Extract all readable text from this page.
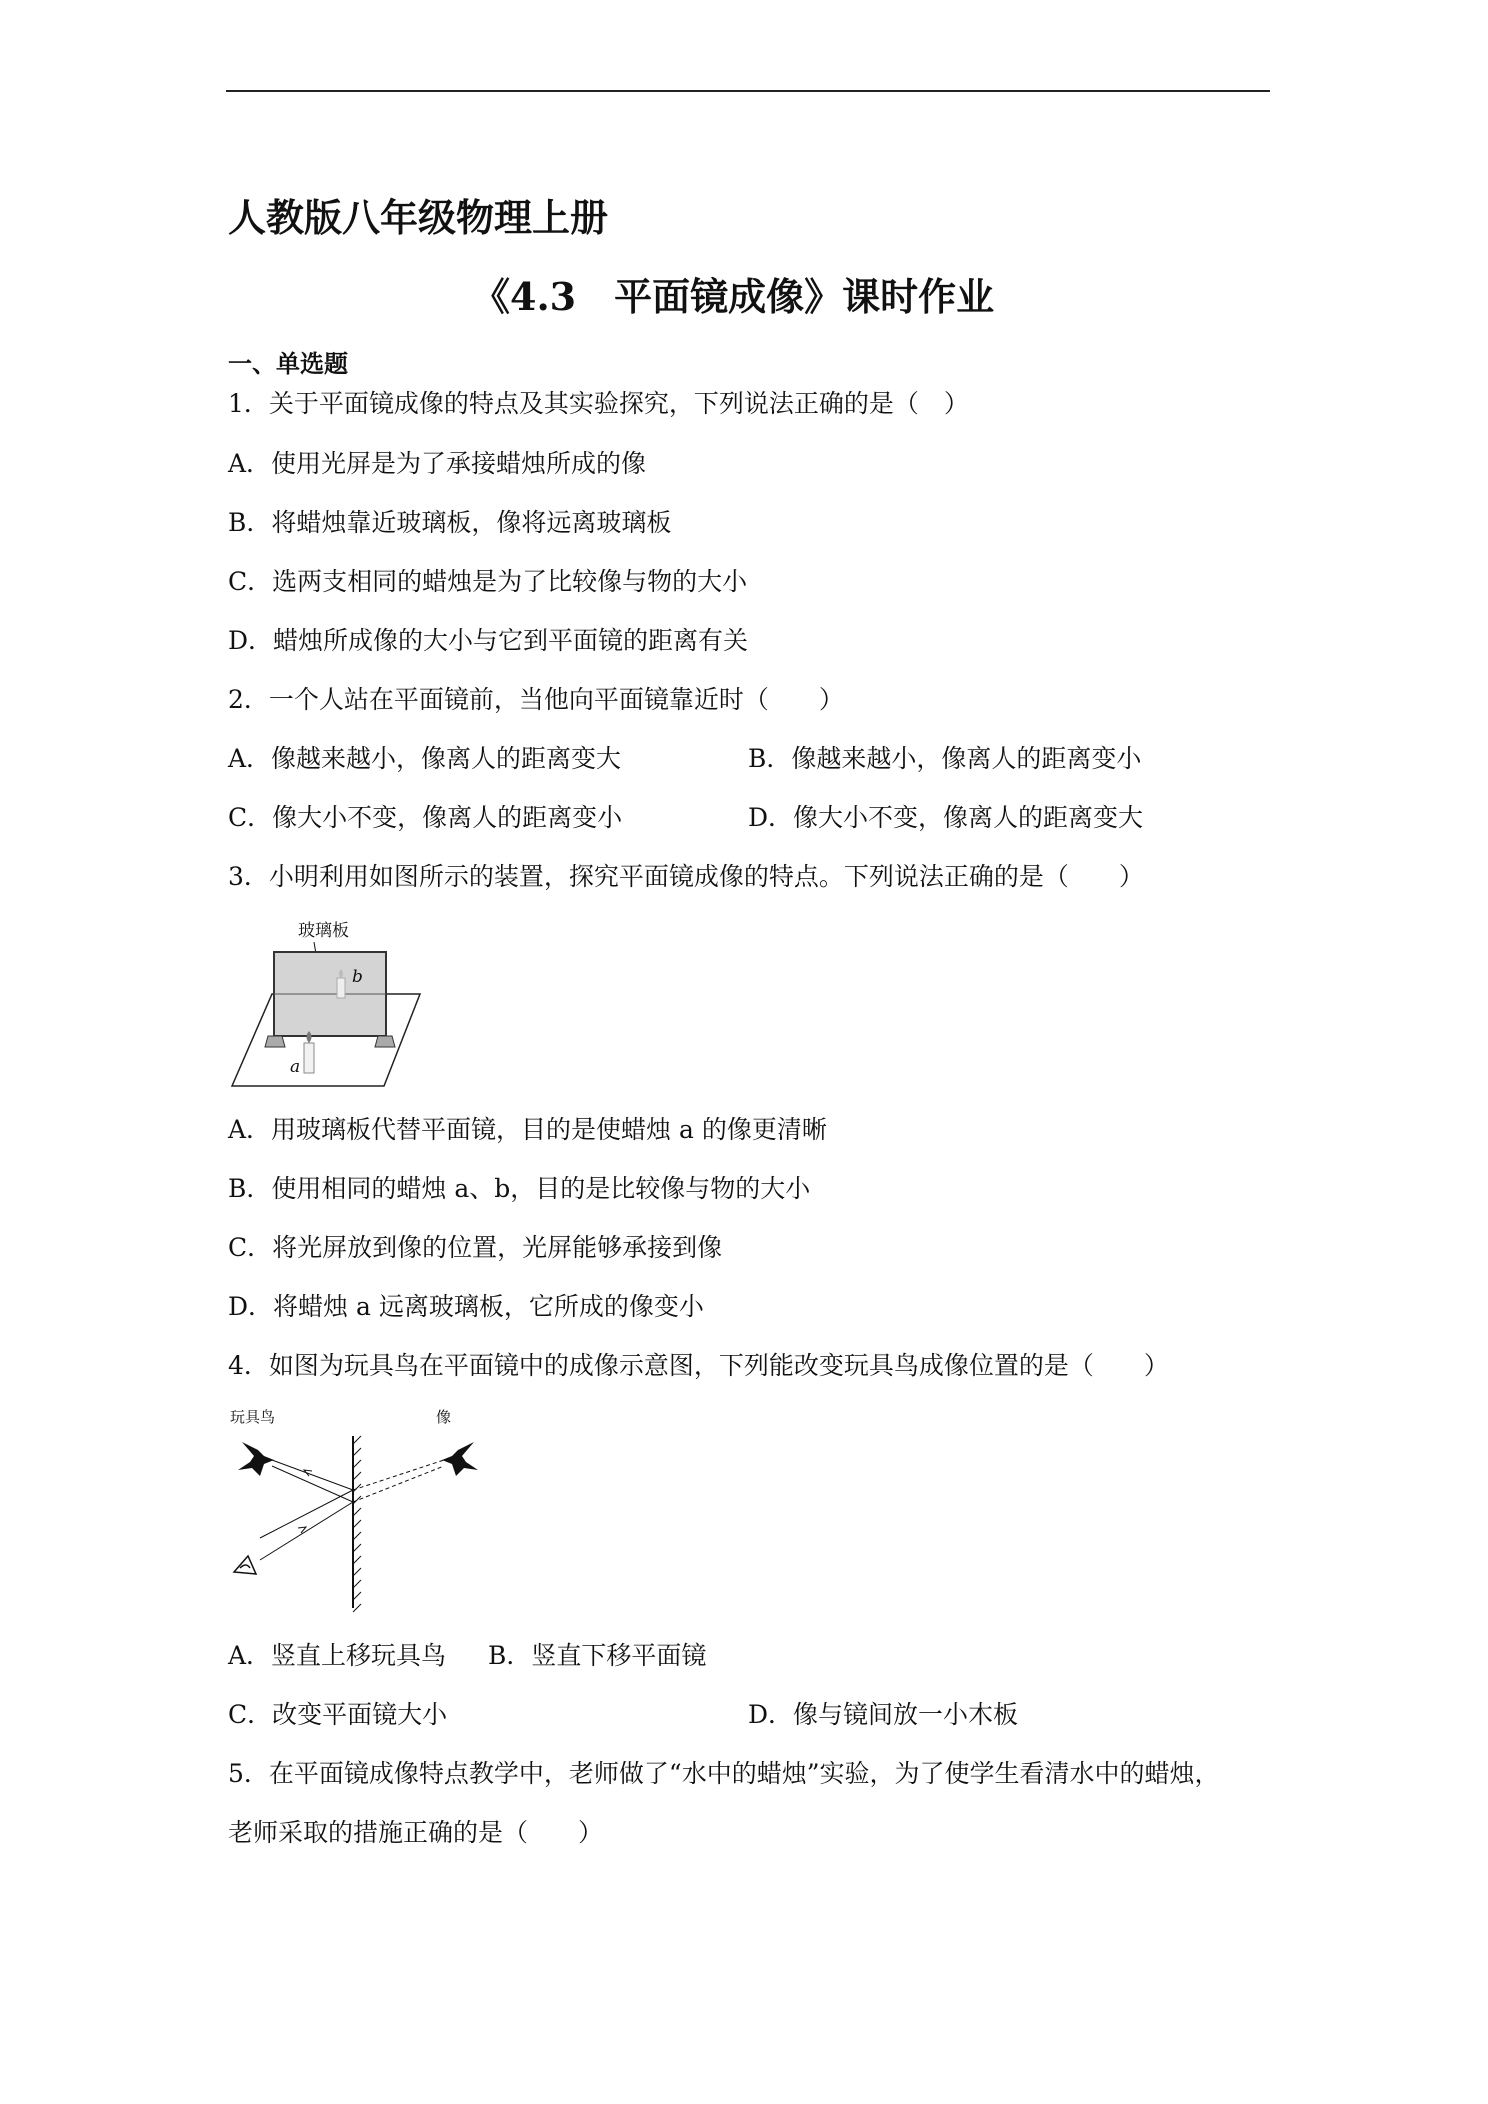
人教版八年级物理上册
《4.3　平面镜成像》课时作业
一、单选题
1．关于平面镜成像的特点及其实验探究，下列说法正确的是（　）
A．使用光屏是为了承接蜡烛所成的像
B．将蜡烛靠近玻璃板，像将远离玻璃板
C．选两支相同的蜡烛是为了比较像与物的大小
D．蜡烛所成像的大小与它到平面镜的距离有关
2．一个人站在平面镜前，当他向平面镜靠近时（　　）
A．像越来越小，像离人的距离变大	B．像越来越小，像离人的距离变小
C．像大小不变，像离人的距离变小	D．像大小不变，像离人的距离变大
3．小明利用如图所示的装置，探究平面镜成像的特点。下列说法正确的是（　　）
玻璃板
b
a
A．用玻璃板代替平面镜，目的是使蜡烛 a 的像更清晰
B．使用相同的蜡烛 a、b，目的是比较像与物的大小
C．将光屏放到像的位置，光屏能够承接到像
D．将蜡烛 a 远离玻璃板，它所成的像变小
4．如图为玩具鸟在平面镜中的成像示意图，下列能改变玩具鸟成像位置的是（　　）
玩具鸟	像
A．竖直上移玩具鸟 B．竖直下移平面镜
C．改变平面镜大小	D．像与镜间放一小木板
5．在平面镜成像特点教学中，老师做了“水中的蜡烛”实验，为了使学生看清水中的蜡烛，
老师采取的措施正确的是（　　）
